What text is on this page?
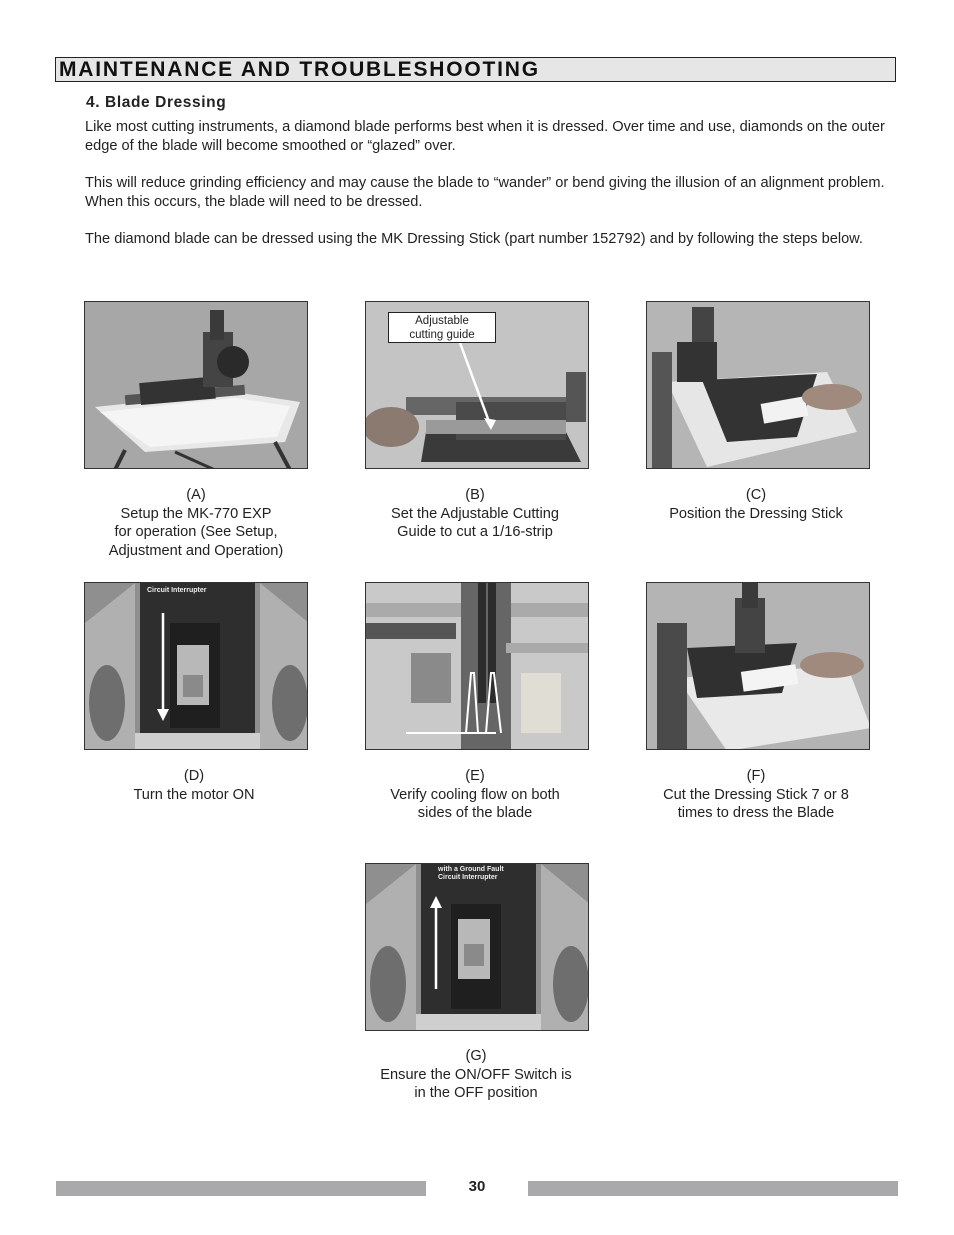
MAINTENANCE AND TROUBLESHOOTING
4. Blade Dressing
Like most cutting instruments, a diamond blade performs best when it is dressed. Over time and use, diamonds on the outer edge of the blade will become smoothed or “glazed” over.
This will reduce grinding efficiency and may cause the blade to “wander” or bend giving the illusion of an alignment problem. When this occurs, the blade will need to be dressed.
The diamond blade can be dressed using the MK Dressing Stick (part number 152792) and by following the steps below.
Adjustable
cutting guide
Circuit Interrupter
with a Ground Fault
Circuit Interrupter
(A)
Setup the MK-770 EXP
for operation (See Setup,
Adjustment and Operation)
(B)
Set the Adjustable Cutting
Guide to cut a 1/16-strip
(C)
Position the Dressing Stick
(D)
Turn the motor ON
(E)
Verify cooling flow on both
sides of the blade
(F)
Cut the Dressing Stick 7 or 8
times to dress the Blade
(G)
Ensure the ON/OFF Switch is
in the OFF position
30
